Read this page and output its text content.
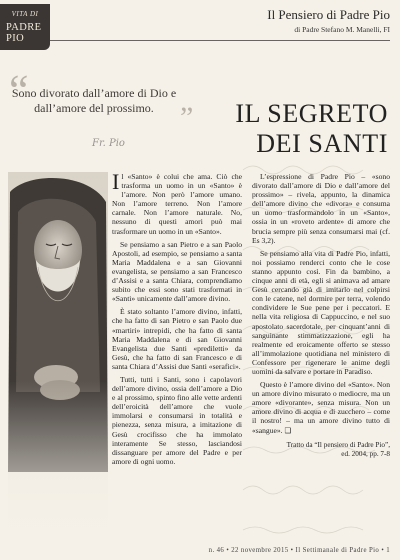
VITA DI
PADRE PIO
Il Pensiero di Padre Pio
di Padre Stefano M. Manelli, FI
“
Sono divorato dall’amore di Dio e dall’amore del prossimo. ”
Fr. Pio
IL SEGRETO
DEI SANTI

Il «Santo» è colui che ama. Ciò che trasforma un uomo in un «Santo» è l’amore. Non però l’amore umano. Non l’amore terreno. Non l’amore carnale. Non l’amore naturale. No, nessuno di questi amori può mai trasformare un uomo in un «Santo».

Se pensiamo a san Pietro e a san Paolo Apostoli, ad esempio, se pensiamo a santa Maria Maddalena e a san Giovanni evangelista, se pensiamo a san Francesco d’Assisi e a santa Chiara, comprendiamo subito che essi sono stati trasformati in «Santi» unicamente dall’amore divino.

È stato soltanto l’amore divino, infatti, che ha fatto di san Pietro e san Paolo due «martiri» intrepidi, che ha fatto di santa Maria Maddalena e di san Giovanni Evangelista due Santi «prediletti» da Gesù, che ha fatto di san Francesco e di santa Chiara d’Assisi due Santi «serafici».

Tutti, tutti i Santi, sono i capolavori dell’amore divino, ossia dell’amore a Dio e al prossimo, spinto fino alle vette ardenti dell’eroicità dell’amore che vuole immolarsi e consumarsi in totalità e pienezza, senza misura, a imitazione di Gesù crocifisso che ha immolato interamente Se stesso, lasciandosi dissanguare per amore del Padre e per amore di ogni uomo.

L’espressione di Padre Pio – «sono divorato dall’amore di Dio e dall’amore del prossimo» – rivela, appunto, la dinamica dell’amore divino che «divora» e consuma un uomo trasformandolo in un «Santo», ossia in un «roveto ardente» di amore che brucia sempre più senza consumarsi mai (cf. Es 3,2).

Se pensiamo alla vita di Padre Pio, infatti, noi possiamo renderci conto che le cose stanno appunto così. Fin da bambino, a cinque anni di età, egli si animava ad amare Gesù cercando già di imitarlo nel colpirsi con le catene, nel dormire per terra, volendo condividere le Sue pene per i peccatori. E nella vita religiosa di Cappuccino, e nel suo apostolato sacerdotale, per cinquant’anni di sanguinante stimmatizzazione, egli ha realmente ed eroicamente offerto se stesso all’immolazione quotidiana nel ministero di Confessore per rigenerare le anime degli uomini da salvare e portare in Paradiso.

Questo è l’amore divino del «Santo». Non un amore divino misurato o mediocre, ma un amore «divorante», senza misura. Non un amore divino di acqua e di zucchero – come il nostro! – ma un amore divino tutto di «sangue». ❑

Tratto da “Il pensiero di Padre Pio”,
ed. 2004, pp. 7-8
n. 46 • 22 novembre 2015 • Il Settimanale di Padre Pio • 1
